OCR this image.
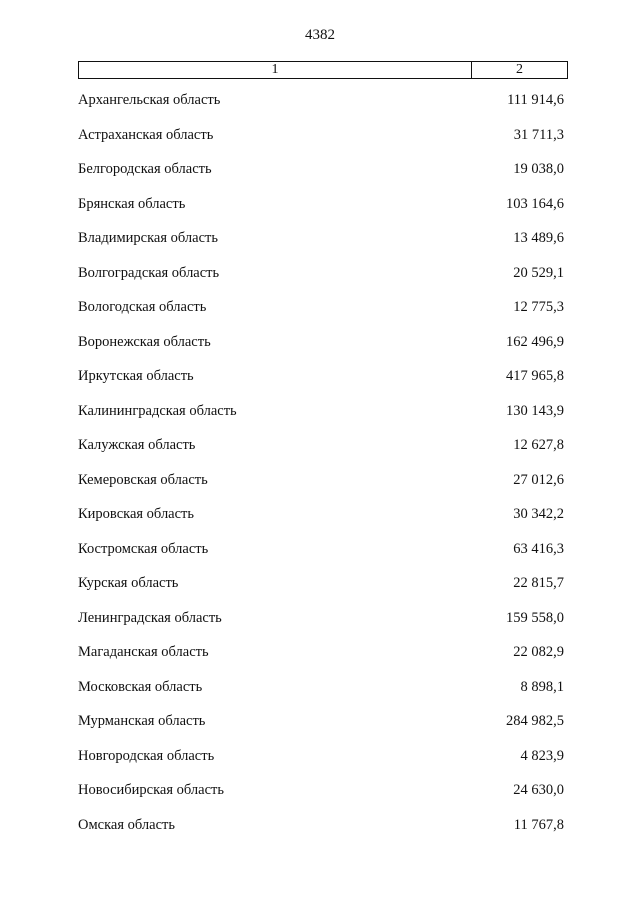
4382
1	2
Архангельская область	111 914,6
Астраханская область	31 711,3
Белгородская область	19 038,0
Брянская область	103 164,6
Владимирская область	13 489,6
Волгоградская область	20 529,1
Вологодская область	12 775,3
Воронежская область	162 496,9
Иркутская область	417 965,8
Калининградская область	130 143,9
Калужская область	12 627,8
Кемеровская область	27 012,6
Кировская область	30 342,2
Костромская область	63 416,3
Курская область	22 815,7
Ленинградская область	159 558,0
Магаданская область	22 082,9
Московская область	8 898,1
Мурманская область	284 982,5
Новгородская область	4 823,9
Новосибирская область	24 630,0
Омская область	11 767,8
